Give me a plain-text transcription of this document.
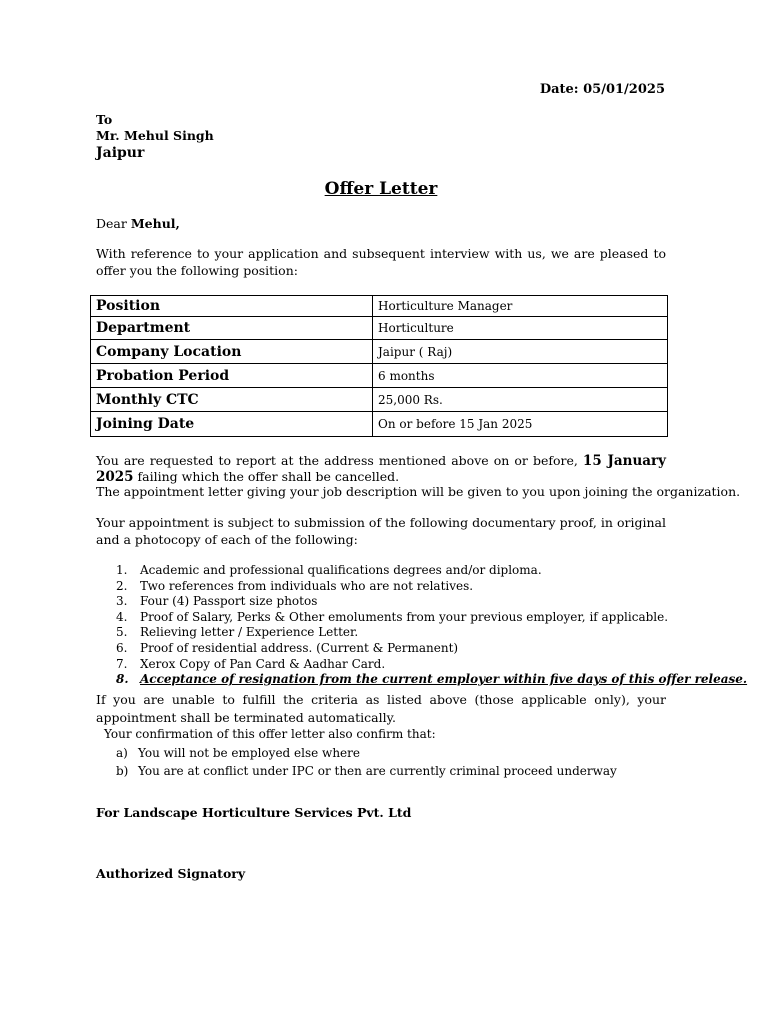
Date: 05/01/2025
To
Mr. Mehul Singh
Jaipur
Offer Letter
Dear Mehul,
With reference to your application and subsequent interview with us, we are pleased to offer you the following position:
Position	Horticulture Manager
Department	Horticulture
Company Location	Jaipur ( Raj)
Probation Period	6 months
Monthly CTC	25,000 Rs.
Joining Date	On or before 15 Jan 2025
You are requested to report at the address mentioned above on or before, 15 January 2025 failing which the offer shall be cancelled.
The appointment letter giving your job description will be given to you upon joining the organization.
Your appointment is subject to submission of the following documentary proof, in original and a photocopy of each of the following:
1.	Academic and professional qualifications degrees and/or diploma.
2.	Two references from individuals who are not relatives.
3.	Four (4) Passport size photos
4.	Proof of Salary, Perks & Other emoluments from your previous employer, if applicable.
5.	Relieving letter / Experience Letter.
6.	Proof of residential address. (Current & Permanent)
7.	Xerox Copy of Pan Card & Aadhar Card.
8. Acceptance of resignation from the current employer within five days of this offer release.
If you are unable to fulfill the criteria as listed above (those applicable only), your appointment shall be terminated automatically.
Your confirmation of this offer letter also confirm that:
a) You will not be employed else where
b) You are at conflict under IPC or then are currently criminal proceed underway
For Landscape Horticulture Services Pvt. Ltd
Authorized Signatory
